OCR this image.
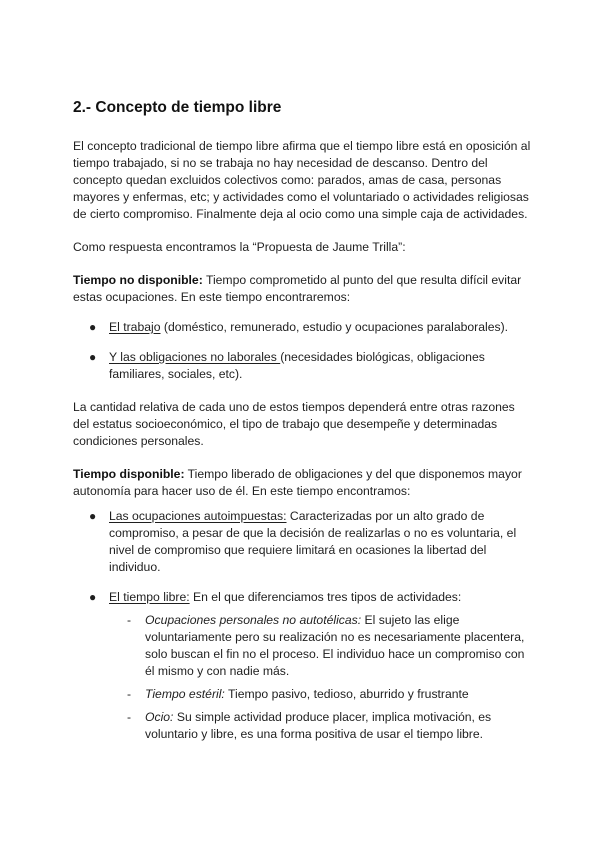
2.- Concepto de tiempo libre

El concepto tradicional de tiempo libre afirma que el tiempo libre está en oposición al tiempo trabajado, si no se trabaja no hay necesidad de descanso. Dentro del concepto quedan excluidos colectivos como: parados, amas de casa, personas mayores y enfermas, etc; y actividades como el voluntariado o actividades religiosas de cierto compromiso. Finalmente deja al ocio como una simple caja de actividades.

Como respuesta encontramos la “Propuesta de Jaume Trilla”:

Tiempo no disponible: Tiempo comprometido al punto del que resulta difícil evitar estas ocupaciones. En este tiempo encontraremos:

● El trabajo (doméstico, remunerado, estudio y ocupaciones paralaborales).
● Y las obligaciones no laborales (necesidades biológicas, obligaciones familiares, sociales, etc).

La cantidad relativa de cada uno de estos tiempos dependerá entre otras razones del estatus socioeconómico, el tipo de trabajo que desempeñe y determinadas condiciones personales.

Tiempo disponible: Tiempo liberado de obligaciones y del que disponemos mayor autonomía para hacer uso de él. En este tiempo encontramos:

● Las ocupaciones autoimpuestas: Caracterizadas por un alto grado de compromiso, a pesar de que la decisión de realizarlas o no es voluntaria, el nivel de compromiso que requiere limitará en ocasiones la libertad del individuo.
● El tiempo libre: En el que diferenciamos tres tipos de actividades:
- Ocupaciones personales no autotélicas: El sujeto las elige voluntariamente pero su realización no es necesariamente placentera, solo buscan el fin no el proceso. El individuo hace un compromiso con él mismo y con nadie más.
- Tiempo estéril: Tiempo pasivo, tedioso, aburrido y frustrante
- Ocio: Su simple actividad produce placer, implica motivación, es voluntario y libre, es una forma positiva de usar el tiempo libre.
